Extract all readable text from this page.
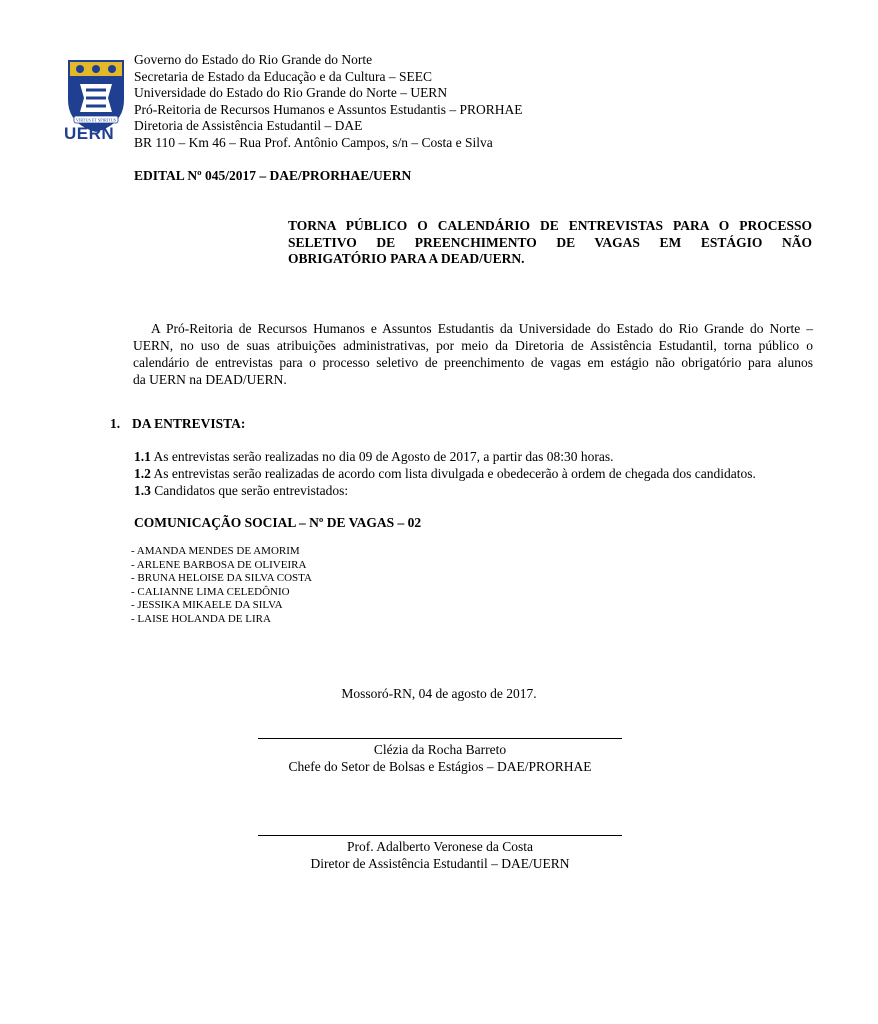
VIRTUS ET SPIRITUS
UERN
Governo do Estado do Rio Grande do Norte
Secretaria de Estado da Educação e da Cultura – SEEC
Universidade do Estado do Rio Grande do Norte – UERN
Pró-Reitoria de Recursos Humanos e Assuntos Estudantis – PRORHAE
Diretoria de Assistência Estudantil – DAE
BR 110 – Km 46 – Rua Prof. Antônio Campos, s/n – Costa e Silva
EDITAL Nº 045/2017 – DAE/PRORHAE/UERN
TORNA PÚBLICO O CALENDÁRIO DE ENTREVISTAS PARA O PROCESSO
SELETIVO DE PREENCHIMENTO DE VAGAS EM ESTÁGIO NÃO
OBRIGATÓRIO PARA A DEAD/UERN.
A Pró-Reitoria de Recursos Humanos e Assuntos Estudantis da Universidade do Estado do Rio Grande do Norte –
UERN, no uso de suas atribuições administrativas, por meio da Diretoria de Assistência Estudantil, torna público o
calendário de entrevistas para o processo seletivo de preenchimento de vagas em estágio não obrigatório para alunos
da UERN na DEAD/UERN.
1. DA ENTREVISTA:
1.1 As entrevistas serão realizadas no dia 09 de Agosto de 2017, a partir das 08:30 horas.
1.2 As entrevistas serão realizadas de acordo com lista divulgada e obedecerão à ordem de chegada dos candidatos.
1.3 Candidatos que serão entrevistados:
COMUNICAÇÃO SOCIAL – Nº DE VAGAS – 02
- AMANDA MENDES DE AMORIM
- ARLENE BARBOSA DE OLIVEIRA
- BRUNA HELOISE DA SILVA COSTA
- CALIANNE LIMA CELEDÔNIO
- JESSIKA MIKAELE DA SILVA
- LAISE HOLANDA DE LIRA
Mossoró-RN, 04 de agosto de 2017.
Clézia da Rocha Barreto
Chefe do Setor de Bolsas e Estágios – DAE/PRORHAE
Prof. Adalberto Veronese da Costa
Diretor de Assistência Estudantil – DAE/UERN
